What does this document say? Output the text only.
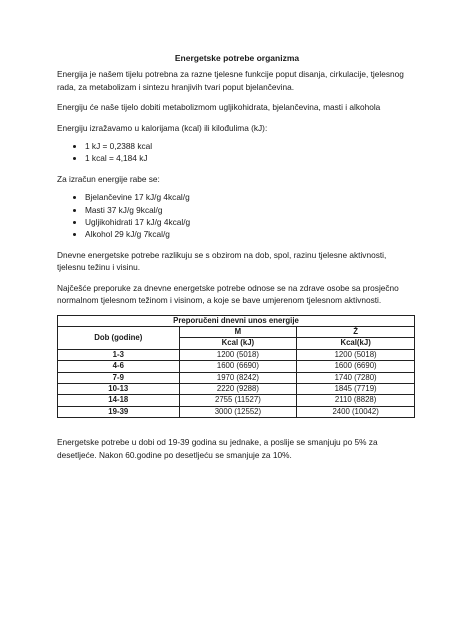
Energetske potrebe organizma

Energija je našem tijelu potrebna za razne tjelesne funkcije poput disanja, cirkulacije, tjelesnog rada, za metabolizam i sintezu hranjivih tvari poput bjelančevina.

Energiju će naše tijelo dobiti metabolizmom ugljikohidrata, bjelančevina, masti i alkohola

Energiju izražavamo u kalorijama (kcal) ili kilođulima (kJ):

• 1 kJ = 0,2388 kcal
• 1 kcal = 4,184 kJ

Za izračun energije rabe se:

• Bjelančevine 17 kJ/g 4kcal/g
• Masti 37 kJ/g 9kcal/g
• Ugljikohidrati 17 kJ/g 4kcal/g
• Alkohol 29 kJ/g 7kcal/g

Dnevne energetske potrebe razlikuju se s obzirom na dob, spol, razinu tjelesne aktivnosti, tjelesnu težinu i visinu.

Najčešće preporuke za dnevne energetske potrebe odnose se na zdrave osobe sa prosječno normalnom tjelesnom težinom i visinom, a koje se bave umjerenom tjelesnom aktivnosti.

Preporučeni dnevni unos energije		
Dob (godine)	M	Ž
	Kcal (kJ)	Kcal(kJ)
1-3	1200 (5018)	1200 (5018)
4-6	1600 (6690)	1600 (6690)
7-9	1970 (8242)	1740 (7280)
10-13	2220 (9288)	1845 (7719)
14-18	2755 (11527)	2110 (8828)
19-39	3000 (12552)	2400 (10042)

Energetske potrebe u dobi od 19-39 godina su jednake, a poslije se smanjuju po 5% za desetljeće. Nakon 60.godine po desetljeću se smanjuje za 10%.
